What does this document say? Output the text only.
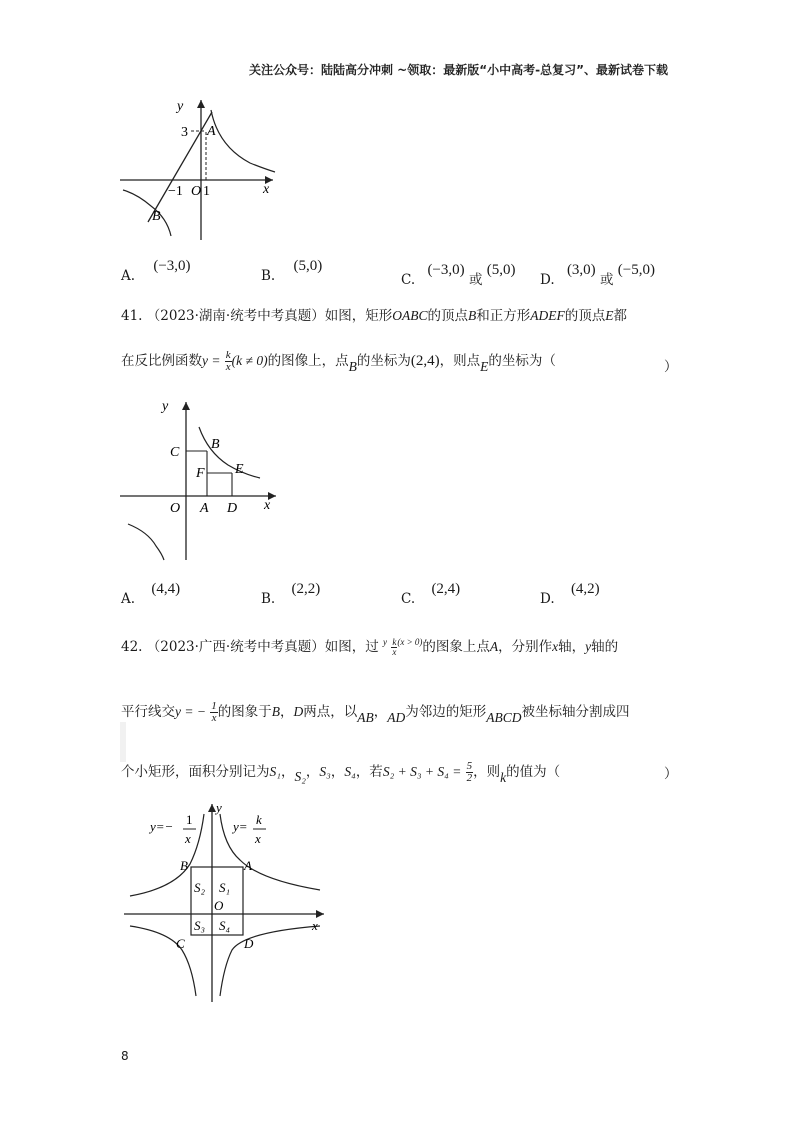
关注公众号：陆陆高分冲刺 ~领取：最新版“小中高考-总复习”、最新试卷下载
y
x
3 A
B
−1 O 1
A. (−3,0)
B. (5,0)
C. (−3,0) 或 (5,0)
D. (3,0) 或 (−5,0)
41. （2023·湖南·统考中考真题）如图，矩形OABC的顶点B和正方形ADEF的顶点E都
在反比例函数$y = \frac{k}{x} (k \ne 0)$的图像上，点B的坐标为(2,4)，则点E的坐标为（	）
y
C
B
F E
O A D x
A. (4,4)
B. (2,2)
C. (2,4)
D. (4,2)
42. （2023·广西·统考中考真题）如图，过 $^y \frac{k}{x} ^{(x > 0)}$的图象上点A，分别作x轴，y轴的
平行线交y = − $\frac{1}{x}$ 的图象于B，D两点，以AB，AD为邻边的矩形ABCD被坐标轴分割成四
个小矩形，面积分别记为S₁，S₂，S₃，S₄，若$S_2 + S_3 + S_4 = \frac{5}{2}$ ，则k的值为（	）
y=− 1
x
y
y= k
x
B	A
S₂ S₁
O
S₃ S₄	x
C	D
8
